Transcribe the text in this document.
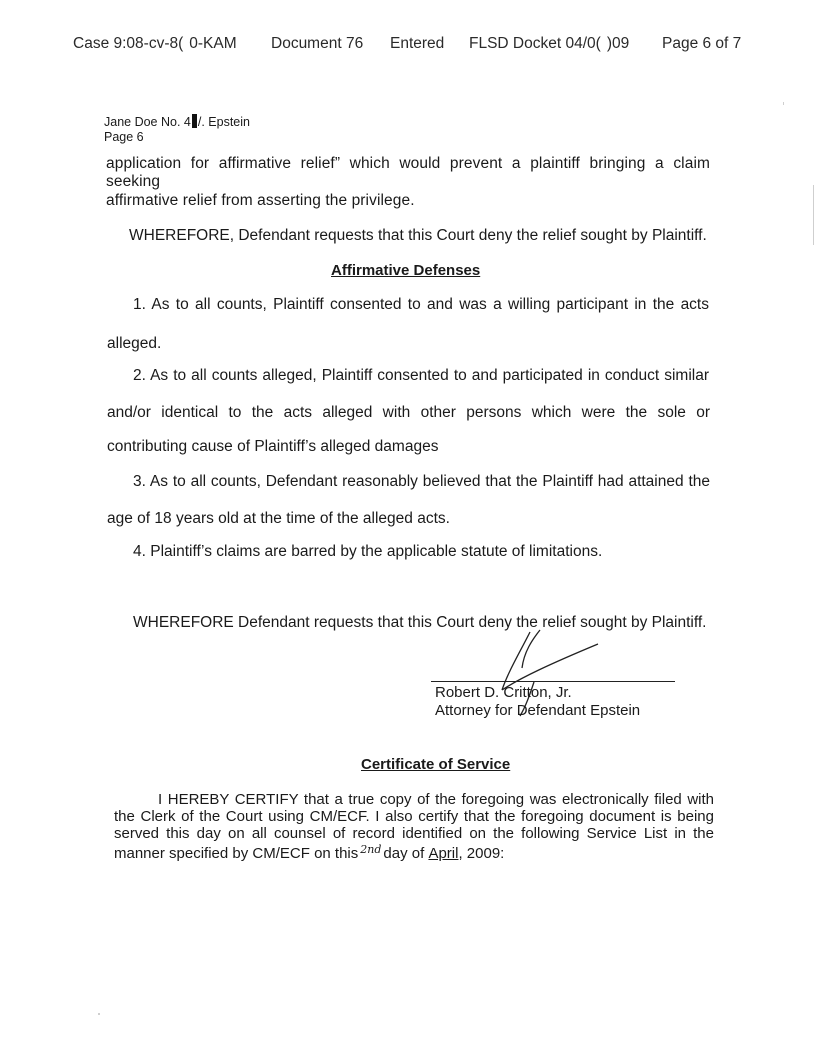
Case 9:08-cv-8( 0-KAM Document 76 Entered FLSD Docket 04/0( )09 Page 6 of 7
Jane Doe No. 4 /. Epstein
Page 6
application for affirmative relief” which would prevent a plaintiff bringing a claim seeking
affirmative relief from asserting the privilege.
WHEREFORE, Defendant requests that this Court deny the relief sought by Plaintiff.
Affirmative Defenses
1. As to all counts, Plaintiff consented to and was a willing participant in the acts
alleged.
2. As to all counts alleged, Plaintiff consented to and participated in conduct similar
and/or identical to the acts alleged with other persons which were the sole or
contributing cause of Plaintiff’s alleged damages
3. As to all counts, Defendant reasonably believed that the Plaintiff had attained the
age of 18 years old at the time of the alleged acts.
4. Plaintiff’s claims are barred by the applicable statute of limitations.
WHEREFORE Defendant requests that this Court deny the relief sought by Plaintiff.
Robert D. Critton, Jr.
Attorney for Defendant Epstein
Certificate of Service
I HEREBY CERTIFY that a true copy of the foregoing was electronically filed with
the Clerk of the Court using CM/ECF. I also certify that the foregoing document is being
served this day on all counsel of record identified on the following Service List in the
manner specified by CM/ECF on this $^{2nd}$ day of April, 2009:
